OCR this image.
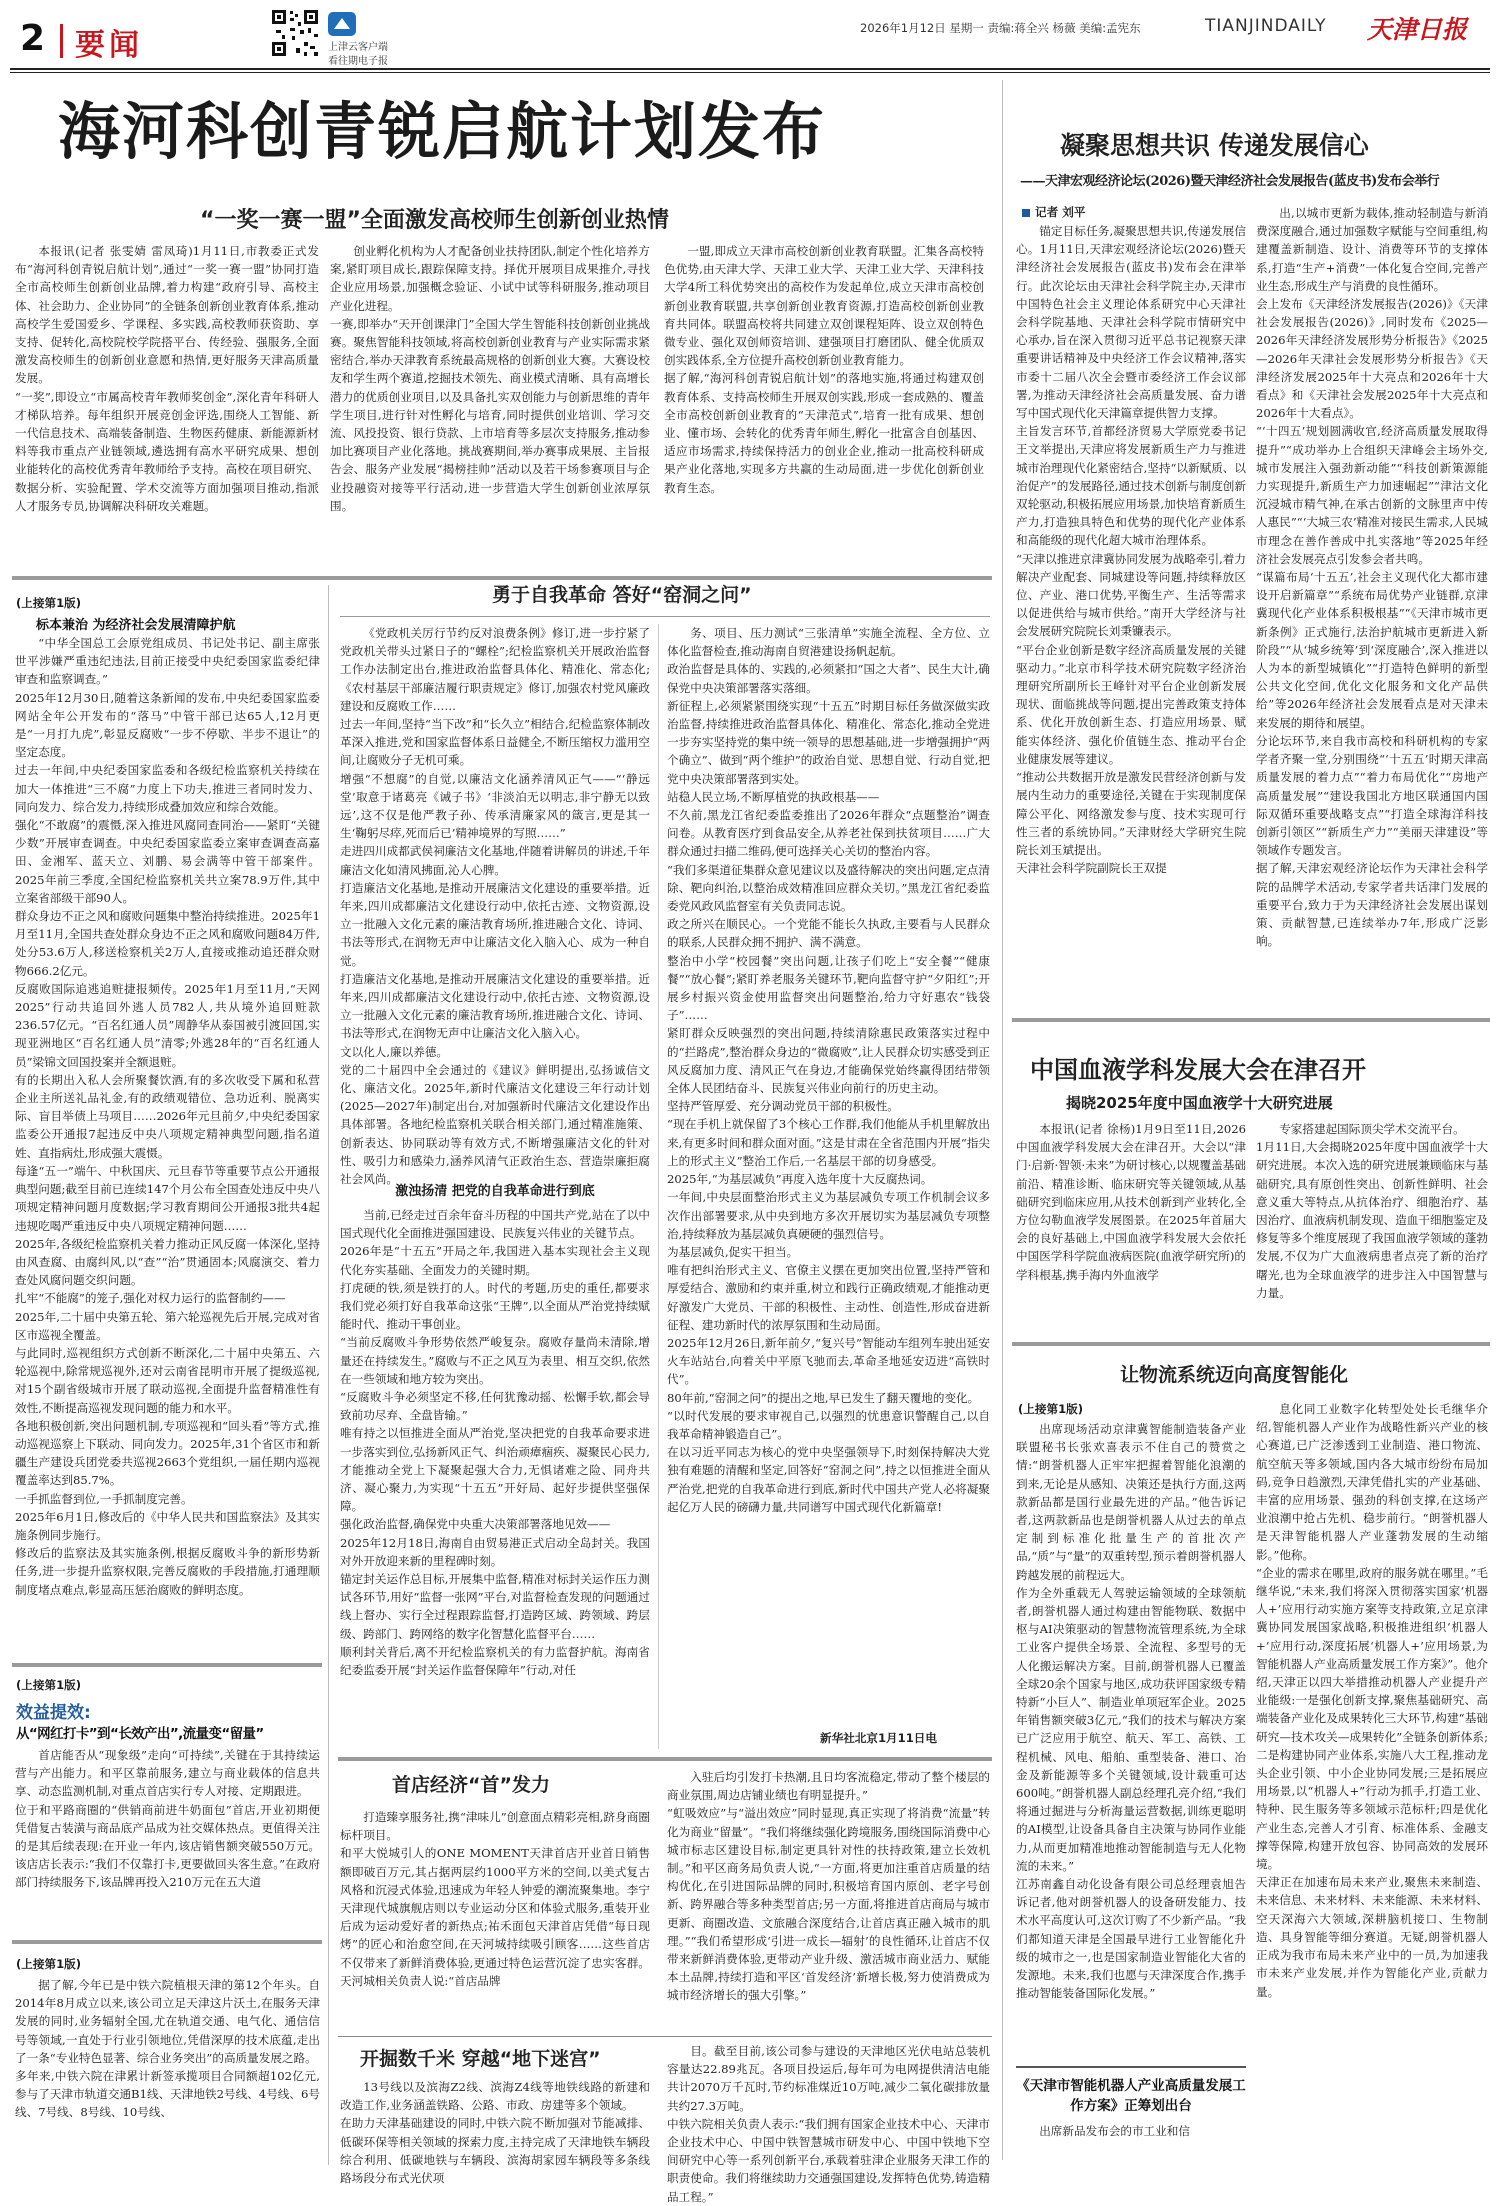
2 要闻	上津云客户端
看往期电子报
2026年1月12日 星期一 责编:蒋全兴 杨薇 美编:孟宪东	TIANJINDAILY 天津日报
海河科创青锐启航计划发布
“一奖一赛一盟”全面激发高校师生创新创业热情
本报讯(记者 张雯婧 雷凤琦)1月11日,市教委正式发布“海河科创青锐启航计划”,通过“一奖一赛一盟”协同打造全市高校师生创新创业品牌,着力构建“政府引导、高校主体、社会助力、企业协同”的全链条创新创业教育体系,推动高校学生爱国爱乡、学课程、多实践,高校教师获资助、享支持、促转化,高校院校学院搭平台、传经验、强服务,全面激发高校师生的创新创业意愿和热情,更好服务天津高质量发展。
“一奖”,即设立“市属高校青年教师奖创金”,深化青年科研人才梯队培养。每年组织开展竞创金评选,围绕人工智能、新一代信息技术、高端装备制造、生物医药健康、新能源新材料等我市重点产业链领域,遴选拥有高水平研究成果、想创业能转化的高校优秀青年教师给予支持。高校在项目研究、数据分析、实验配置、学术交流等方面加强项目推动,指派人才服务专员,协调解决科研攻关难题。
创业孵化机构为人才配备创业扶持团队,制定个性化培养方案,紧盯项目成长,跟踪保障支持。择优开展项目成果推介,寻找企业应用场景,加强概念验证、小试中试等科研服务,推动项目产业化进程。
一赛,即举办“天开创课津门”全国大学生智能科技创新创业挑战赛。聚焦智能科技领域,将高校创新创业教育与产业实际需求紧密结合,举办天津教育系统最高规格的创新创业大赛。大赛设校友和学生两个赛道,挖掘技术领先、商业模式清晰、具有高增长潜力的优质创业项目,以及具备扎实双创能力与创新思维的青年学生项目,进行针对性孵化与培育,同时提供创业培训、学习交流、风投投资、银行贷款、上市培育等多层次支持服务,推动参加比赛项目产业化落地。挑战赛期间,举办赛事成果展、主旨报告会、服务产业发展“揭榜挂帅”活动以及若干场参赛项目与企业投融资对接等平行活动,进一步营造大学生创新创业浓厚氛围。
一盟,即成立天津市高校创新创业教育联盟。汇集各高校特色优势,由天津大学、天津工业大学、天津工业大学、天津科技大学4所工科优势突出的高校作为发起单位,成立天津市高校创新创业教育联盟,共享创新创业教育资源,打造高校创新创业教育共同体。联盟高校将共同建立双创课程矩阵、设立双创特色微专业、强化双创师资培训、建强项目打磨团队、健全优质双创实践体系,全方位提升高校创新创业教育能力。
据了解,“海河科创青锐启航计划”的落地实施,将通过构建双创教育体系、支持高校师生开展双创实践,形成一套成熟的、覆盖全市高校创新创业教育的“天津范式”,培育一批有成果、想创业、懂市场、会转化的优秀青年师生,孵化一批富含自创基因、适应市场需求,持续保持活力的创业企业,推动一批高校科研成果产业化落地,实现多方共赢的生动局面,进一步优化创新创业教育生态。
凝聚思想共识 传递发展信心
——天津宏观经济论坛(2026)暨天津经济社会发展报告(蓝皮书)发布会举行
记者 刘平
锚定目标任务,凝聚思想共识,传递发展信心。1月11日,天津宏观经济论坛(2026)暨天津经济社会发展报告(蓝皮书)发布会在津举行。此次论坛由天津社会科学院主办,天津市中国特色社会主义理论体系研究中心天津社会科学院基地、天津社会科学院市情研究中心承办,旨在深入贯彻习近平总书记视察天津重要讲话精神及中央经济工作会议精神,落实市委十二届八次全会暨市委经济工作会议部署,为推动天津经济社会高质量发展、奋力谱写中国式现代化天津篇章提供智力支撑。
主旨发言环节,首都经济贸易大学原党委书记王文举提出,天津应将发展新质生产力与推进城市治理现代化紧密结合,坚持“以新赋质、以治促产”的发展路径,通过技术创新与制度创新双轮驱动,积极拓展应用场景,加快培育新质生产力,打造独具特色和优势的现代化产业体系和高能级的现代化超大城市治理体系。
“天津以推进京津冀协同发展为战略牵引,着力解决产业配套、同城建设等问题,持续释放区位、产业、港口优势,平衡生产、生活等需求以促进供给与城市供给。”南开大学经济与社会发展研究院院长刘秉镰表示。
“平台企业创新是数字经济高质量发展的关键驱动力。”北京市科学技术研究院数字经济治理研究所副所长王峰针对平台企业创新发展现状、面临挑战等问题,提出完善政策支持体系、优化开放创新生态、打造应用场景、赋能实体经济、强化价值链生态、推动平台企业健康发展等建议。
“推动公共数据开放是激发民营经济创新与发展内生动力的重要途径,关键在于实现制度保障公平化、网络激发参与度、技术实现可行性三者的系统协同。”天津财经大学研究生院院长刘玉斌提出。
天津社会科学院副院长王双提
出,以城市更新为载体,推动轻制造与新消费深度融合,通过加强数字赋能与空间重组,构建覆盖新制造、设计、消费等环节的支撑体系,打造“生产+消费”一体化复合空间,完善产业生态,形成生产与消费的良性循环。
会上发布《天津经济发展报告(2026)》《天津社会发展报告(2026)》,同时发布《2025—2026年天津经济发展形势分析报告》《2025—2026年天津社会发展形势分析报告》《天津经济发展2025年十大亮点和2026年十大看点》和《天津社会发展2025年十大亮点和2026年十大看点》。
“‘十四五’规划圆满收官,经济高质量发展取得提升”“成功举办上合组织天津峰会主场外交,城市发展注入强劲新动能”“科技创新策源能力实现提升,新质生产力加速崛起”“津沽文化沉浸城市精气神,在承古创新的文脉里声中传人惠民”“‘大城三农’精准对接民生需求,人民城市理念在善作善成中扎实落地”等2025年经济社会发展亮点引发参会者共鸣。
“谋篇布局‘十五五’,社会主义现代化大都市建设开启新篇章”“系统布局优势产业链群,京津冀现代化产业体系积极根基”“《天津市城市更新条例》正式施行,法治护航城市更新进入新阶段”“从‘城乡统筹’到‘深度融合’,深入推进以人为本的新型城镇化”“打造特色鲜明的新型公共文化空间,优化文化服务和文化产品供给”等2026年经济社会发展看点是对天津未来发展的期待和展望。
分论坛环节,来自我市高校和科研机构的专家学者齐聚一堂,分别围绕“‘十五五’时期天津高质量发展的着力点”“着力布局优化”“房地产高质量发展”“建设我国北方地区联通国内国际双循环重要战略支点”“打造全球海洋科技创新引领区”“新质生产力”“美丽天津建设”等领域作专题发言。
据了解,天津宏观经济论坛作为天津社会科学院的品牌学术活动,专家学者共话津门发展的重要平台,致力于为天津经济社会发展出谋划策、贡献智慧,已连续举办7年,形成广泛影响。
(上接第1版)
标本兼治 为经济社会发展清障护航
“中华全国总工会原党组成员、书记处书记、副主席张世平涉嫌严重违纪违法,目前正接受中央纪委国家监委纪律审查和监察调查。”
2025年12月30日,随着这条新闻的发布,中央纪委国家监委网站全年公开发布的“落马”中管干部已达65人,12月更是“一月打九虎”,彰显反腐败“一步不停歇、半步不退让”的坚定态度。
过去一年间,中央纪委国家监委和各级纪检监察机关持续在加大一体推进“三不腐”力度上下功夫,推进三者同时发力、同向发力、综合发力,持续形成叠加效应和综合效能。
强化“不敢腐”的震慑,深入推进风腐同查同治——紧盯“关键少数”开展审查调查。中央纪委国家监委立案审查调查高嘉田、金湘军、蓝天立、刘鹏、易会满等中管干部案件。2025年前三季度,全国纪检监察机关共立案78.9万件,其中立案省部级干部90人。
群众身边不正之风和腐败问题集中整治持续推进。2025年1月至11月,全国共查处群众身边不正之风和腐败问题84万件,处分53.6万人,移送检察机关2万人,直接或推动追还群众财物666.2亿元。
反腐败国际追逃追赃捷报频传。2025年1月至11月,“天网2025”行动共追回外逃人员782人,共从境外追回赃款236.57亿元。“百名红通人员”周静华从泰国被引渡回国,实现亚洲地区“百名红通人员”清零;外逃28年的“百名红通人员”梁锦文回国投案并全额退赃。
有的长期出入私人会所聚餐饮酒,有的多次收受下属和私营企业主所送礼品礼金,有的政绩观错位、急功近利、脱离实际、盲目举债上马项目……2026年元旦前夕,中央纪委国家监委公开通报7起违反中央八项规定精神典型问题,指名道姓、直指病灶,形成强大震慑。
每逢“五一”端午、中秋国庆、元旦春节等重要节点公开通报典型问题;截至目前已连续147个月公布全国查处违反中央八项规定精神问题月度数据;学习教育期间公开通报3批共4起违规吃喝严重违反中央八项规定精神问题……
2025年,各级纪检监察机关着力推动正风反腐一体深化,坚持由风查腐、由腐纠风,以“查”“治”贯通固本;风腐演交、着力查处风腐问题交织问题。
扎牢“不能腐”的笼子,强化对权力运行的监督制约——
2025年,二十届中央第五轮、第六轮巡视先后开展,完成对省区市巡视全覆盖。
与此同时,巡视组织方式创新不断深化,二十届中央第五、六轮巡视中,除常规巡视外,还对云南省昆明市开展了提级巡视,对15个副省级城市开展了联动巡视,全面提升监督精准性有效性,不断提高巡视发现问题的能力和水平。
各地积极创新,突出问题机制,专项巡视和“回头看”等方式,推动巡视巡察上下联动、同向发力。2025年,31个省区市和新疆生产建设兵团党委共巡视2663个党组织,一届任期内巡视覆盖率达到85.7%。
一手抓监督到位,一手抓制度完善。
2025年6月1日,修改后的《中华人民共和国监察法》及其实施条例同步施行。
修改后的监察法及其实施条例,根据反腐败斗争的新形势新任务,进一步提升监察权限,完善反腐败的手段措施,打通理顺制度堵点难点,彰显高压惩治腐败的鲜明态度。
(上接第1版)
效益提效:
从“网红打卡”到“长效产出”,流量变“留量”
首店能否从“现象级”走向“可持续”,关键在于其持续运营与产出能力。和平区靠前服务,建立与商业载体的信息共享、动态监测机制,对重点首店实行专人对接、定期跟进。
位于和平路商圈的“供销商前进牛奶面包”首店,开业初期便凭借复古装潢与商品底产品成为社交媒体热点。更值得关注的是其后续表现:在开业一年内,该店销售额突破550万元。该店店长表示:“我们不仅靠打卡,更要做回头客生意。”在政府部门持续服务下,该品牌再投入210万元在五大道
(上接第1版)
据了解,今年已是中铁六院植根天津的第12个年头。自2014年8月成立以来,该公司立足天津这片沃土,在服务天津发展的同时,业务辐射全国,尤在轨道交通、电气化、通信信号等领域,一直处于行业引领地位,凭借深厚的技术底蕴,走出了一条“专业特色显著、综合业务突出”的高质量发展之路。
多年来,中铁六院在津累计新签承揽项目合同额超102亿元,参与了天津市轨道交通B1线、天津地铁2号线、4号线、6号线、7号线、8号线、10号线、
勇于自我革命 答好“窑洞之问”
《党政机关厉行节约反对浪费条例》修订,进一步拧紧了党政机关带头过紧日子的“螺栓”;纪检监察机关开展政治监督工作办法制定出台,推进政治监督具体化、精准化、常态化;《农村基层干部廉洁履行职责规定》修订,加强农村党风廉政建设和反腐败工作……
过去一年间,坚持“当下改”和“长久立”相结合,纪检监察体制改革深入推进,党和国家监督体系日益健全,不断压缩权力滥用空间,让腐败分子无机可乘。
增强“不想腐”的自觉,以廉洁文化涵养清风正气——“‘静远堂’取意于诸葛亮《诫子书》‘非淡泊无以明志,非宁静无以致远’,这不仅是他严教子孙、传承清廉家风的箴言,更是其一生‘鞠躬尽瘁,死而后已’精神境界的写照……”
走进四川成都武侯祠廉洁文化基地,伴随着讲解员的讲述,千年廉洁文化如清风拂面,沁人心脾。
打造廉洁文化基地,是推动开展廉洁文化建设的重要举措。近年来,四川成都廉洁文化建设行动中,依托古迹、文物资源,设立一批融入文化元素的廉洁教育场所,推进融合文化、诗词、书法等形式,在润物无声中让廉洁文化入脑入心、成为一种自觉。
打造廉洁文化基地,是推动开展廉洁文化建设的重要举措。近年来,四川成都廉洁文化建设行动中,依托古迹、文物资源,设立一批融入文化元素的廉洁教育场所,推进融合文化、诗词、书法等形式,在润物无声中让廉洁文化入脑入心。
文以化人,廉以养德。
党的二十届四中全会通过的《建议》鲜明提出,弘扬诚信文化、廉洁文化。2025年,新时代廉洁文化建设三年行动计划(2025—2027年)制定出台,对加强新时代廉洁文化建设作出具体部署。各地纪检监察机关联合相关部门,通过精准施策、创新表达、协同联动等有效方式,不断增强廉洁文化的针对性、吸引力和感染力,涵养风清气正政治生态、营造崇廉拒腐社会风尚。
激浊扬清 把党的自我革命进行到底
当前,已经走过百余年奋斗历程的中国共产党,站在了以中国式现代化全面推进强国建设、民族复兴伟业的关键节点。
2026年是“十五五”开局之年,我国进入基本实现社会主义现代化夯实基础、全面发力的关键时期。
打虎硬的铁,须是铁打的人。时代的考题,历史的重任,都要求我们党必须打好自我革命这张“王牌”,以全面从严治党持续赋能时代、推动干事创业。
“当前反腐败斗争形势依然严峻复杂。腐败存量尚未清除,增量还在持续发生。”腐败与不正之风互为表里、相互交织,依然在一些领域和地方较为突出。
“反腐败斗争必须坚定不移,任何犹豫动摇、松懈手软,都会导致前功尽弃、全盘皆输。”
唯有持之以恒推进全面从严治党,坚决把党的自我革命要求进一步落实到位,弘扬新风正气、纠治顽瘴痼疾、凝聚民心民力,才能推动全党上下凝聚起强大合力,无惧诸难之险、同舟共济、凝心聚力,为实现“十五五”开好局、起好步提供坚强保障。
强化政治监督,确保党中央重大决策部署落地见效——
2025年12月18日,海南自由贸易港正式启动全岛封关。我国对外开放迎来新的里程碑时刻。
锚定封关运作总目标,开展集中监督,精准对标封关运作压力测试各环节,用好“监督一张网”平台,对监督检查发现的问题通过线上督办、实行全过程跟踪监督,打造跨区域、跨领域、跨层级、跨部门、跨网络的数字化智慧化监督平台……
顺利封关背后,离不开纪检监察机关的有力监督护航。海南省纪委监委开展“封关运作监督保障年”行动,对任
务、项目、压力测试“三张清单”实施全流程、全方位、立体化监督检查,推动海南自贸港建设扬帆起航。
政治监督是具体的、实践的,必须紧扣“国之大者”、民生大计,确保党中央决策部署落实落细。
新征程上,必须紧紧围绕实现“十五五”时期目标任务做深做实政治监督,持续推进政治监督具体化、精准化、常态化,推动全党进一步夯实坚持党的集中统一领导的思想基础,进一步增强拥护“两个确立”、做到“两个维护”的政治自觉、思想自觉、行动自觉,把党中央决策部署落到实处。
站稳人民立场,不断厚植党的执政根基——
不久前,黑龙江省纪委监委推出了2026年群众“点题整治”调查问卷。从教育医疗到食品安全,从养老社保到扶贫项目……广大群众通过扫描二维码,便可选择关心关切的整治内容。
“我们多渠道征集群众意见建议以及盛待解决的突出问题,定点清除、靶向纠治,以整治成效精准回应群众关切。”黑龙江省纪委监委党风政风监督室有关负责同志说。
政之所兴在顺民心。一个党能不能长久执政,主要看与人民群众的联系,人民群众拥不拥护、满不满意。
整治中小学“校园餐”突出问题,让孩子们吃上“安全餐”“健康餐”“放心餐”;紧盯养老服务关键环节,靶向监督守护“夕阳红”;开展乡村振兴资金使用监督突出问题整治,给力守好惠农“钱袋子”……
紧盯群众反映强烈的突出问题,持续清除惠民政策落实过程中的“拦路虎”,整治群众身边的“微腐败”,让人民群众切实感受到正风反腐加力度、清风正气在身边,才能确保党始终赢得团结带领全体人民团结奋斗、民族复兴伟业向前行的历史主动。
坚持严管厚爱、充分调动党员干部的积极性。
“现在手机上就保留了3个核心工作群,我们他能从手机里解放出来,有更多时间和群众面对面。”这是甘肃在全省范围内开展“指尖上的形式主义”整治工作后,一名基层干部的切身感受。
2025年,“为基层减负”再度入选年度十大反腐热词。
一年间,中央层面整治形式主义为基层减负专项工作机制会议多次作出部署要求,从中央到地方多次开展切实为基层减负专项整治,持续释放为基层减负真硬硬的强烈信号。
为基层减负,促实干担当。
唯有把纠治形式主义、官僚主义摆在更加突出位置,坚持严管和厚爱结合、激励和约束并重,树立和践行正确政绩观,才能推动更好激发广大党员、干部的积极性、主动性、创造性,形成奋进新征程、建功新时代的浓厚氛围和生动局面。
2025年12月26日,新年前夕,“复兴号”智能动车组列车驶出延安火车站站台,向着关中平原飞驰而去,革命圣地延安迈进“高铁时代”。
80年前,“窑洞之问”的提出之地,早已发生了翻天覆地的变化。
“以时代发展的要求审视自己,以强烈的忧患意识警醒自己,以自我革命精神锻造自己”。
在以习近平同志为核心的党中央坚强领导下,时刻保持解决大党独有难题的清醒和坚定,回答好“窑洞之问”,持之以恒推进全面从严治党,把党的自我革命进行到底,新时代中国共产党人必将凝聚起亿万人民的磅礴力量,共同谱写中国式现代化新篇章!
新华社北京1月11日电
首店经济“首”发力
打造臻享服务社,携“津味儿”创意面点精彩亮相,跻身商圈标杆项目。
和平大悦城引人的ONE MOMENT天津首店开业首日销售额即破百万元,其占据两层约1000平方米的空间,以美式复古风格和沉浸式体验,迅速成为年轻人钟爱的潮流聚集地。李宁天津现代城旗舰店则以专业运动分区和体验式服务,重装开业后成为运动爱好者的新热点;祐禾面包天津首店凭借“每日现烤”的匠心和治愈空间,在天河城持续吸引顾客……这些首店不仅带来了新鲜消费体验,更通过特色运营沉淀了忠实客群。天河城相关负责人说:“首店品牌
入驻后均引发打卡热潮,且日均客流稳定,带动了整个楼层的商业氛围,周边店铺业绩也有明显提升。”
“虹吸效应”与“溢出效应”同时显现,真正实现了将消费“流量”转化为商业“留量”。“我们将继续强化跨境服务,围绕国际消费中心城市标志区建设目标,制定更具针对性的扶持政策,建立长效机制。”和平区商务局负责人说,“一方面,将更加注重首店质量的结构优化,在引进国际品牌的同时,积极培育国内原创、老字号创新、跨界融合等多种类型首店;另一方面,将推进首店商局与城市更新、商圈改造、文旅融合深度结合,让首店真正融入城市的肌理。”“我们希望形成‘引进一成长—辐射’的良性循环,让首店不仅带来新鲜消费体验,更带动产业升级、激活城市商业活力、赋能本土品牌,持续打造和平区‘首发经济’新增长极,努力使消费成为城市经济增长的强大引擎。”
开掘数千米 穿越“地下迷宫”
13号线以及滨海Z2线、滨海Z4线等地铁线路的新建和改造工作,业务涵盖铁路、公路、市政、房建等多个领域。
在助力天津基础建设的同时,中铁六院不断加强对节能减排、低碳环保等相关领域的探索力度,主持完成了天津地铁车辆段综合利用、低碳地铁与车辆段、滨海胡家园车辆段等多条线路场段分布式光伏项
目。截至目前,该公司参与建设的天津地区光伏电站总装机容量达22.89兆瓦。各项目投运后,每年可为电网提供清洁电能共计2070万千瓦时,节约标准煤近10万吨,减少二氧化碳排放量共约27.3万吨。
中铁六院相关负责人表示:“我们拥有国家企业技术中心、天津市企业技术中心、中国中铁智慧城市研发中心、中国中铁地下空间研究中心等一系列创新平台,承载着驻津企业服务天津工作的职责使命。我们将继续助力交通强国建设,发挥特色优势,铸造精品工程。”
中国血液学科发展大会在津召开
揭晓2025年度中国血液学十大研究进展
本报讯(记者 徐杨)1月9日至11日,2026中国血液学科发展大会在津召开。大会以“津门·启新·智领·未来”为研讨核心,以规覆盖基础前沿、精准诊断、临床研究等关键领域,从基础研究到临床应用,从技术创新到产业转化,全方位勾勒血液学发展图景。在2025年首届大会的良好基础上,中国血液学科发展大会依托中国医学科学院血液病医院(血液学研究所)的学科根基,携手海内外血液学
专家搭建起国际顶尖学术交流平台。
1月11日,大会揭晓2025年度中国血液学十大研究进展。本次入选的研究进展兼顾临床与基础研究,具有原创性突出、创新性鲜明、社会意义重大等特点,从抗体治疗、细胞治疗、基因治疗、血液病机制发现、造血干细胞鉴定及修复等多个维度展现了我国血液学领域的蓬勃发展,不仅为广大血液病患者点亮了新的治疗曙光,也为全球血液学的进步注入中国智慧与力量。
让物流系统迈向高度智能化
(上接第1版)
出席现场活动京津冀智能制造装备产业联盟秘书长张欢喜表示不住自己的赞赏之情:“朗誉机器人正牢牢把握着智能化浪潮的到来,无论是从感知、决策还是执行方面,这两款新品都是国行业最先进的产品。”他告诉记者,这两款新品也是朗誉机器人从过去的单点定制到标准化批量生产的首批次产品,“质”与“量”的双重转型,预示着朗誉机器人跨越发展的前程远大。
作为全外重载无人驾驶运输领域的全球领航者,朗誉机器人通过构建由智能物联、数据中枢与AI决策驱动的智慧物流管理系统,为全球工业客户提供全场景、全流程、多型号的无人化搬运解决方案。目前,朗誉机器人已覆盖全球20余个国家与地区,成功获评国家级专精特新“小巨人”、制造业单项冠军企业。2025年销售额突破3亿元,“我们的技术与解决方案已广泛应用于航空、航天、军工、高铁、工程机械、风电、船舶、重型装备、港口、冶金及新能源等多个关键领域,设计载重可达600吨。”朗誉机器人副总经理孔亮介绍,“我们将通过掘进与分析海量运营数据,训练更聪明的AI模型,让设备具备自主决策与协同作业能力,从而更加精准地推动智能制造与无人化物流的未来。”
江苏南鑫自动化设备有限公司总经理袁旭告诉记者,他对朗誉机器人的设备研发能力、技术水平高度认可,这次订购了不少新产品。“我们都知道天津是全国最早进行工业智能化升级的城市之一,也是国家制造业智能化大省的发源地。未来,我们也愿与天津深度合作,携手推动智能装备国际化发展。”
息化同工业数字化转型处处长毛继华介绍,智能机器人产业作为战略性新兴产业的核心赛道,已广泛渗透到工业制造、港口物流、航空航天等多领域,国内各大城市纷纷布局加码,竞争日趋激烈,天津凭借扎实的产业基础、丰富的应用场景、强劲的科创支撑,在这场产业浪潮中抢占先机、稳步前行。“朗誉机器人是天津智能机器人产业蓬勃发展的生动缩影。”他称。
“企业的需求在哪里,政府的服务就在哪里。”毛继华说,“未来,我们将深入贯彻落实国家‘机器人+’应用行动实施方案等支持政策,立足京津冀协同发展国家战略,积极推进组织‘机器人+’应用行动,深度拓展‘机器人+’应用场景,为智能机器人产业高质量发展工作方案》”。他介绍,天津正以四大举措推动机器人产业提升产业能级:一是强化创新支撑,聚焦基础研究、高端装备产业化及成果转化三大环节,构建“基础研究—技术攻关—成果转化”全链条创新体系;二是构建协同产业体系,实施八大工程,推动龙头企业引领、中小企业协同发展;三是拓展应用场景,以“机器人+”行动为抓手,打造工业、特种、民生服务等多领域示范标杆;四是优化产业生态,完善人才引育、标准体系、金融支撑等保障,构建开放包容、协同高效的发展环境。
天津正在加速布局未来产业,聚焦未来制造、未来信息、未来材料、未来能源、未来材料、空天深海六大领域,深耕脑机接口、生物制造、具身智能等细分赛道。无疑,朗誉机器人正成为我市布局未来产业中的一员,为加速我市未来产业发展,并作为智能化产业,贡献力量。
《天津市智能机器人产业高质量发展工作方案》正筹划出台
出席新品发布会的市工业和信
